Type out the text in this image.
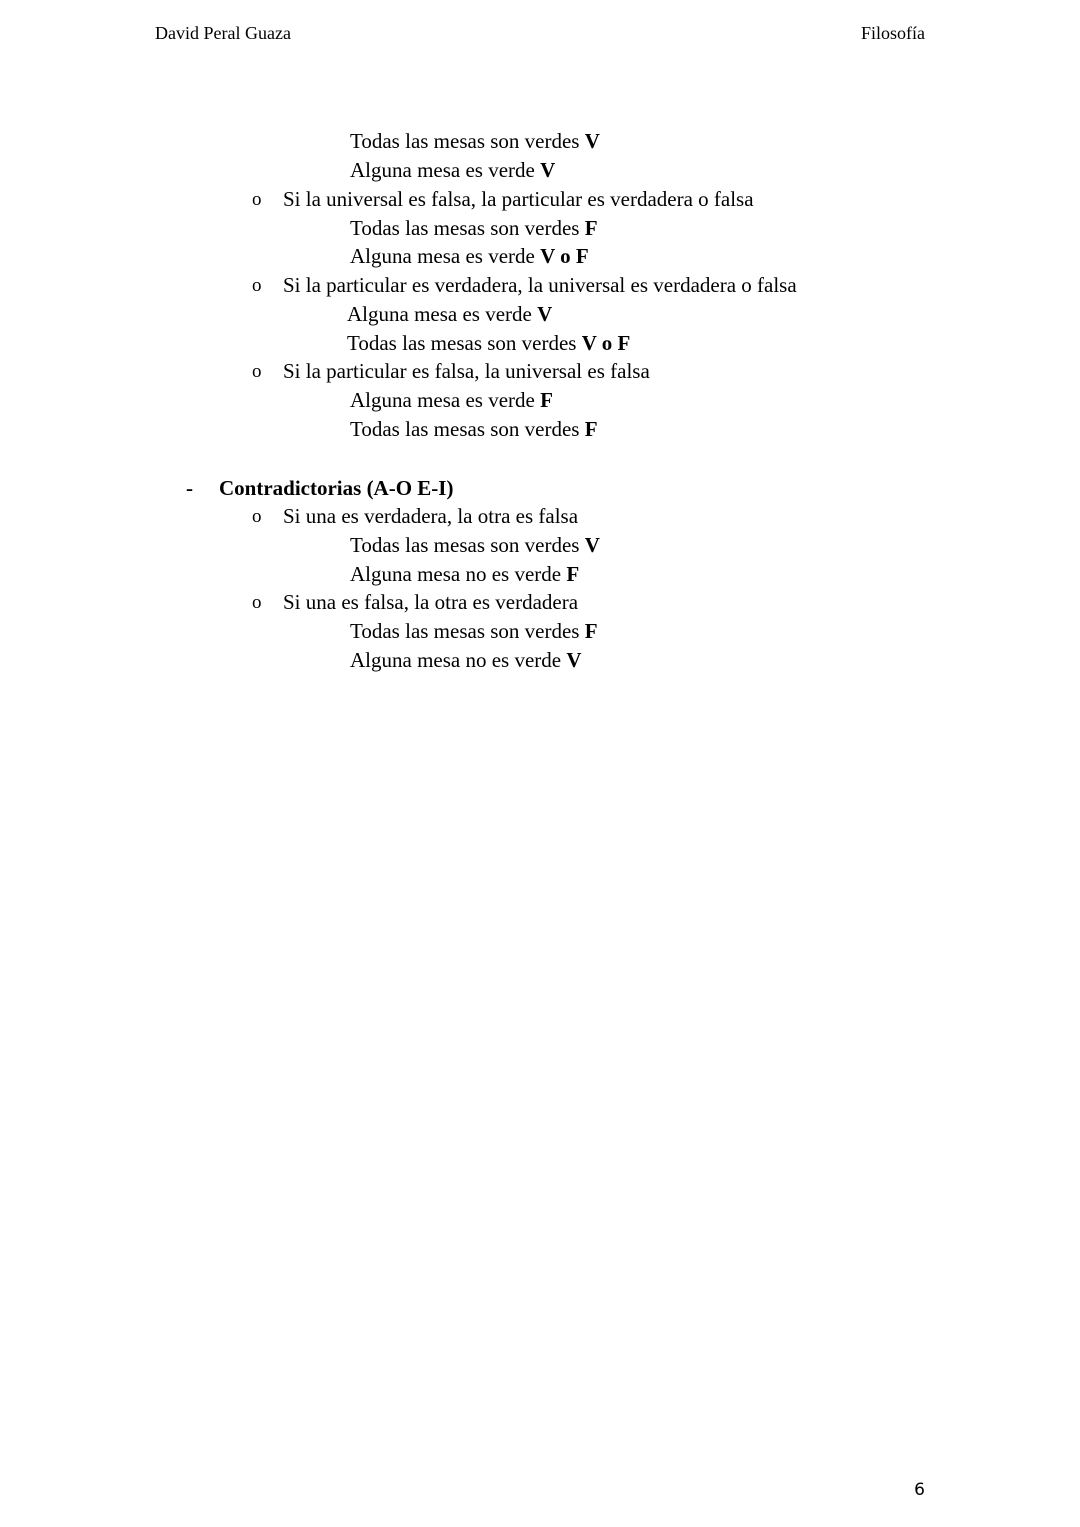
David Peral Guaza	Filosofía
Todas las mesas son verdes V
Alguna mesa es verde V
o Si la universal es falsa, la particular es verdadera o falsa
Todas las mesas son verdes F
Alguna mesa es verde V o F
o Si la particular es verdadera, la universal es verdadera o falsa
Alguna mesa es verde V
Todas las mesas son verdes V o F
o Si la particular es falsa, la universal es falsa
Alguna mesa es verde F
Todas las mesas son verdes F
- Contradictorias (A-O E-I)
o Si una es verdadera, la otra es falsa
Todas las mesas son verdes V
Alguna mesa no es verde F
o Si una es falsa, la otra es verdadera
Todas las mesas son verdes F
Alguna mesa no es verde V
6
